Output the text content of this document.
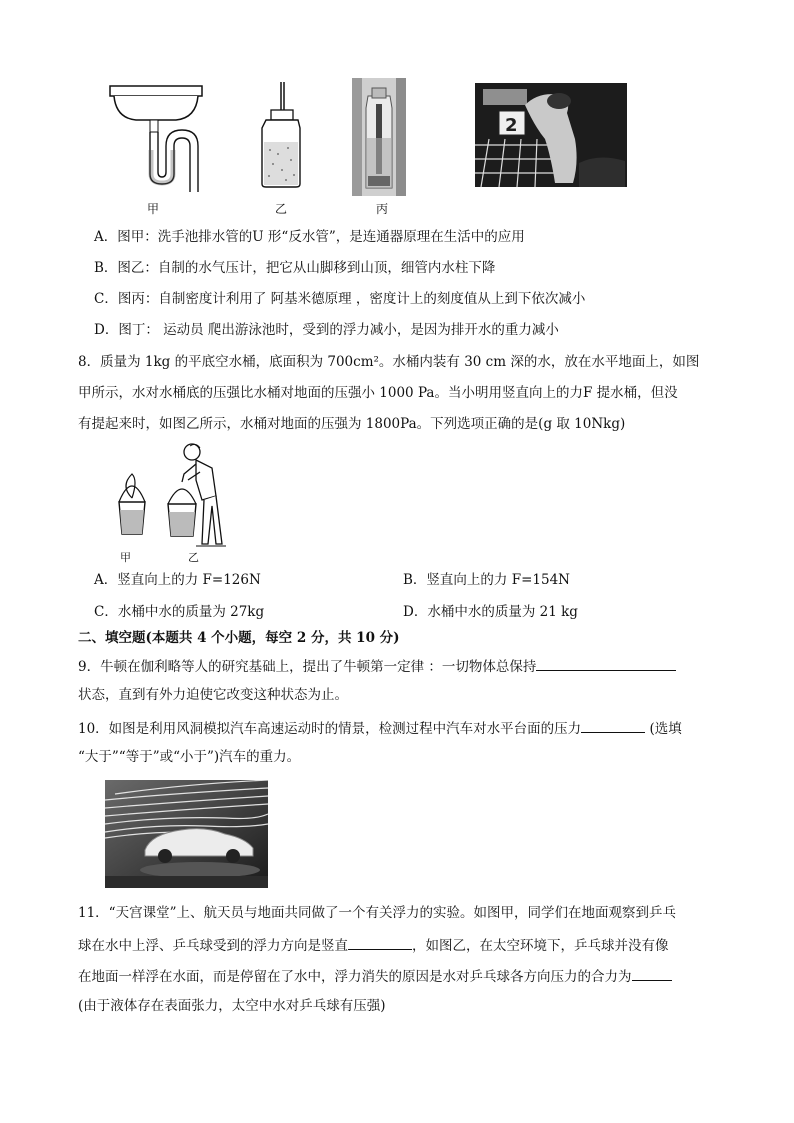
2
甲	乙	丙
A．图甲：洗手池排水管的U 形“反水管”，是连通器原理在生活中的应用
B．图乙：自制的水气压计，把它从山脚移到山顶，细管内水柱下降
C．图丙：自制密度计利用了 阿基米德原理 ，密度计上的刻度值从上到下依次减小
D．图丁： 运动员 爬出游泳池时，受到的浮力减小，是因为排开水的重力减小
8．质量为 1kg 的平底空水桶，底面积为 700cm²。水桶内装有 30 cm 深的水，放在水平地面上，如图
甲所示，水对水桶底的压强比水桶对地面的压强小 1000 Pa。当小明用竖直向上的力F 提水桶，但没
有提起来时，如图乙所示，水桶对地面的压强为 1800Pa。下列选项正确的是(g 取 10Nkg)
甲	乙
A．竖直向上的力 F=126N	B．竖直向上的力 F=154N
C．水桶中水的质量为 27kg	D．水桶中水的质量为 21 kg
二、填空题(本题共 4 个小题，每空 2 分，共 10 分)
9．牛顿在伽利略等人的研究基础上，提出了牛顿第一定律 ：一切物体总保持
状态，直到有外力迫使它改变这种状态为止。
10．如图是利用风洞模拟汽车高速运动时的情景，检测过程中汽车对水平台面的压力	(选填
“大于”“等于”或“小于”)汽车的重力。
11．“天宫课堂”上、航天员与地面共同做了一个有关浮力的实验。如图甲，同学们在地面观察到乒乓
球在水中上浮、乒乓球受到的浮力方向是竖直	，如图乙，在太空环境下，乒乓球并没有像
在地面一样浮在水面，而是停留在了水中，浮力消失的原因是水对乒乓球各方向压力的合力为
(由于液体存在表面张力，太空中水对乒乓球有压强)
